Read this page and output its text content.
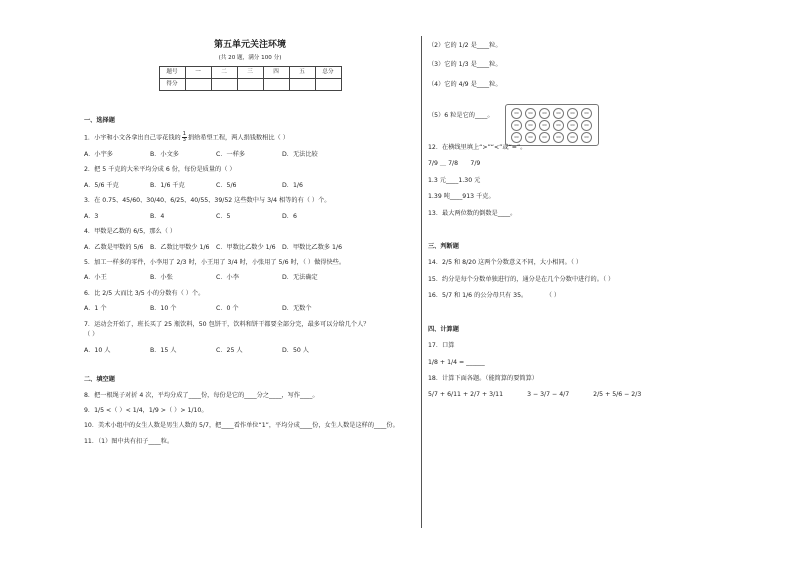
第五单元关注环境
(共 20 题，满分 100 分)
题号	一	二	三	四	五	总分
得分						
一、选择题
1．小宇和小文各拿出自己零花钱的 $\frac{1}{3}$ 捐给希望工程，两人捐钱数相比（ ）
A．小宇多	B．小文多	C．一样多	D．无法比较
2．把 5 千克的大米平均分成 6 份，每份是质量的（ ）
A．5/6 千克	B．1/6 千克	C．5/6	D．1/6
3．在 0.75、45/60、30/40、6/25、40/55、39/52 这些数中与 3/4 相等的有（ ）个。
A．3	B．4	C．5	D．6
4．甲数是乙数的 6/5，那么（ ）
A．乙数是甲数的 5/6	B．乙数比甲数少 1/6	C．甲数比乙数少 1/6	D．甲数比乙数多 1/6
5．加工一样多的零件，小李用了 2/3 时，小王用了 3/4 时，小张用了 5/6 时，（ ）做得快些。
A．小王	B．小张	C．小李	D．无法确定
6．比 2/5 大而比 3/5 小的分数有（ ）个。
A．1 个	B．10 个	C．0 个	D．无数个
7．运动会开始了，班长买了 25 瓶饮料，50 包饼干，饮料和饼干都要全部分完，最多可以分给几个人？
（ ）
A．10 人	B．15 人	C．25 人	D．50 人
二、填空题
8．把一根绳子对折 4 次，平均分成了____份，每份是它的____分之____，写作____。
9．1/5 <（ ）< 1/4，1/9 >（ ）> 1/10。
10．美术小组中的女生人数是男生人数的 5/7，把____看作单位“1”，平均分成____份，女生人数是这样的____份。
11．（1）图中共有扣子____粒。
oo	oo	oo	oo	oo	oo
oo	oo	oo	oo	oo	oo
oo	oo	oo	oo	oo	oo
（2）它的 1/2 是____粒。
（3）它的 1/3 是____粒。
（4）它的 4/9 是____粒。
（5）6 粒是它的____。
12．在横线里填上“>”“<”或“=”。
7/9 ＿ 7/8　　7/9
1.3 元____1.30 元
1.39 吨____913 千克。
13．最大两位数的倒数是____。
三、判断题
14．2/5 和 8/20 这两个分数意义不同，大小相同。（ ）
15．约分是每个分数单独进行的，通分是在几个分数中进行的。（ ）
16．5/7 和 1/6 的公分母只有 35。　　　　（ ）
四、计算题
17．口算
1/8 + 1/4 = ______
18．计算下面各题。（能简算的要简算）
5/7 + 6/11 + 2/7 + 3/11	3 − 3/7 − 4/7	2/5 + 5/6 − 2/3
